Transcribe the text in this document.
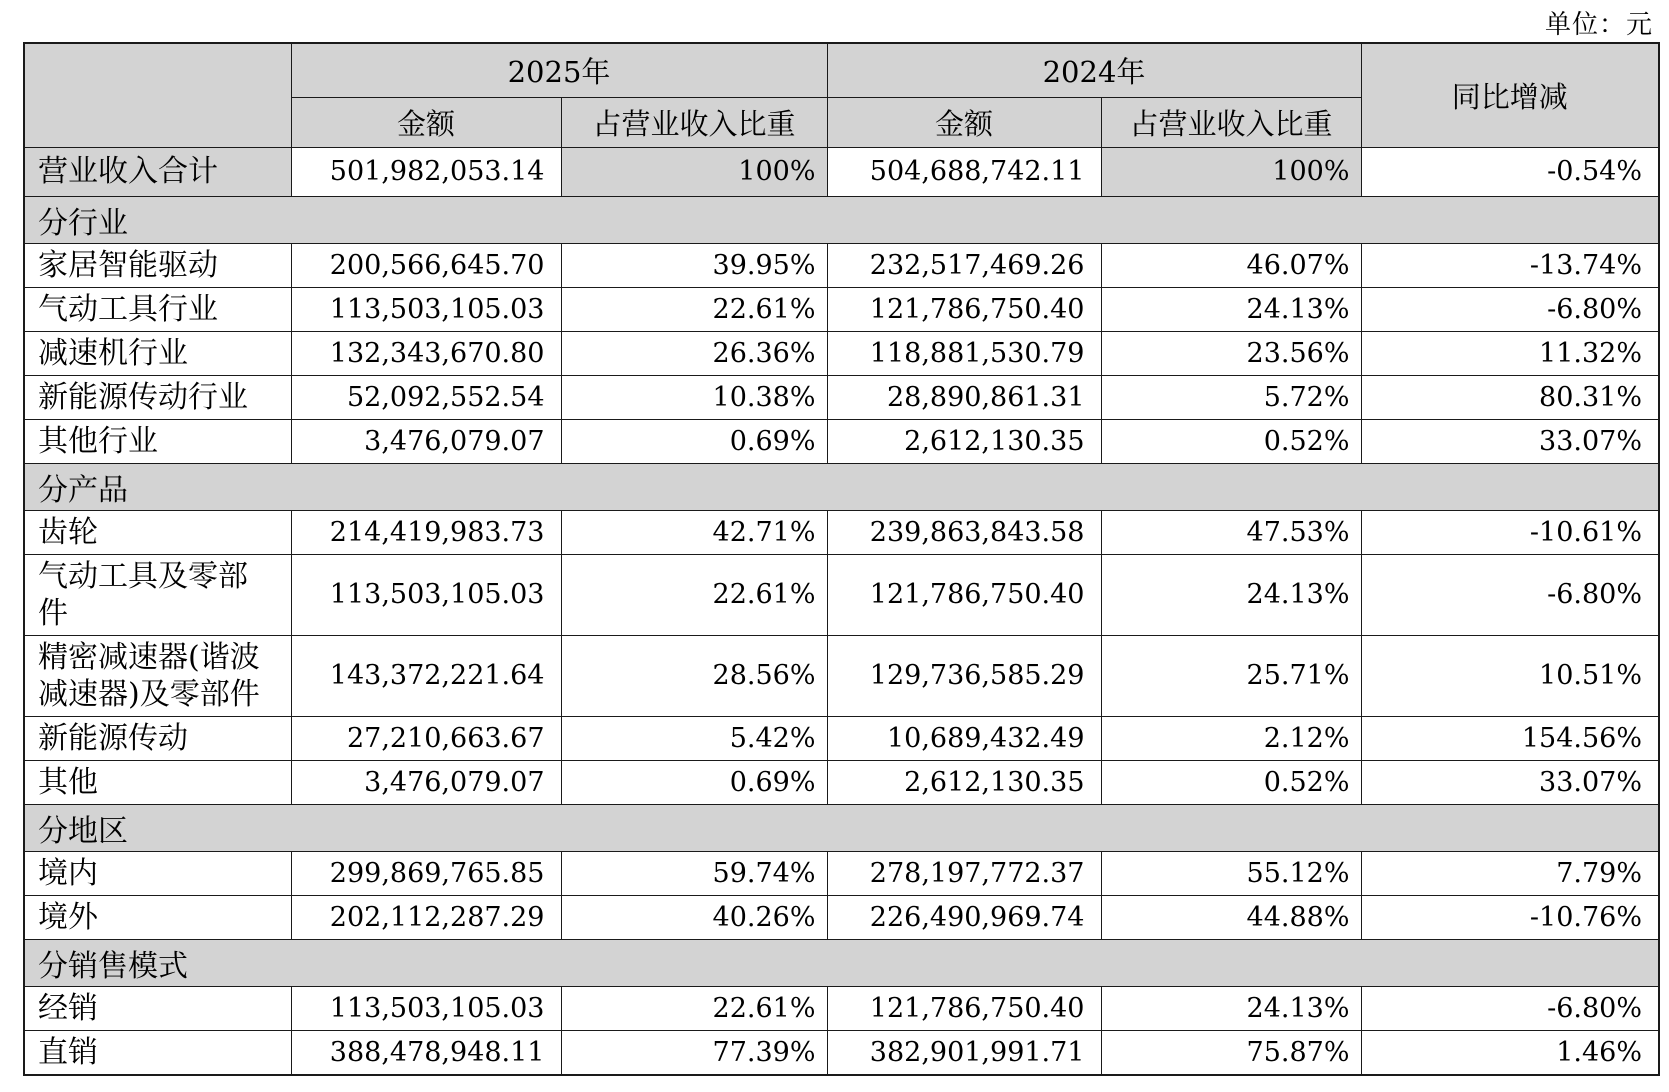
单位：元
	2025年		2024年		同比增减
	金额	占营业收入比重	金额	占营业收入比重	
营业收入合计	501,982,053.14	100%	504,688,742.11	100%	-0.54%
分行业					
家居智能驱动	200,566,645.70	39.95%	232,517,469.26	46.07%	-13.74%
气动工具行业	113,503,105.03	22.61%	121,786,750.40	24.13%	-6.80%
减速机行业	132,343,670.80	26.36%	118,881,530.79	23.56%	11.32%
新能源传动行业	52,092,552.54	10.38%	28,890,861.31	5.72%	80.31%
其他行业	3,476,079.07	0.69%	2,612,130.35	0.52%	33.07%
分产品					
齿轮	214,419,983.73	42.71%	239,863,843.58	47.53%	-10.61%
气动工具及零部件	113,503,105.03	22.61%	121,786,750.40	24.13%	-6.80%
精密减速器(谐波减速器)及零部件	143,372,221.64	28.56%	129,736,585.29	25.71%	10.51%
新能源传动	27,210,663.67	5.42%	10,689,432.49	2.12%	154.56%
其他	3,476,079.07	0.69%	2,612,130.35	0.52%	33.07%
分地区					
境内	299,869,765.85	59.74%	278,197,772.37	55.12%	7.79%
境外	202,112,287.29	40.26%	226,490,969.74	44.88%	-10.76%
分销售模式					
经销	113,503,105.03	22.61%	121,786,750.40	24.13%	-6.80%
直销	388,478,948.11	77.39%	382,901,991.71	75.87%	1.46%
